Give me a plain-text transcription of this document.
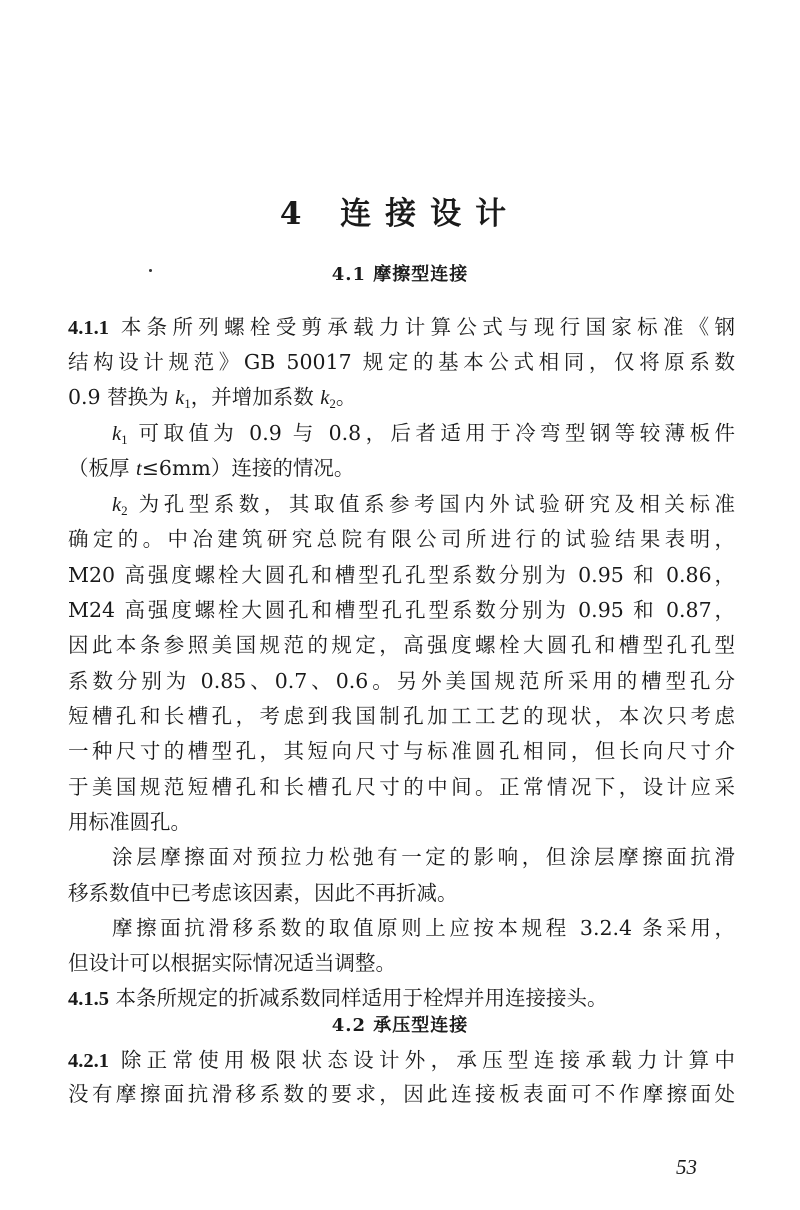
4 连接设计
4.1 摩擦型连接
4.2 承压型连接
4.1.1 本条所列螺栓受剪承载力计算公式与现行国家标准《钢
结构设计规范》GB 50017 规定的基本公式相同，仅将原系数
0.9 替换为 $k_1$，并增加系数 $k_2$。
$k_1$ 可取值为 0.9 与 0.8，后者适用于冷弯型钢等较薄板件
（板厚 t≤6mm）连接的情况。
$k_2$ 为孔型系数，其取值系参考国内外试验研究及相关标准
确定的。中冶建筑研究总院有限公司所进行的试验结果表明，
M20 高强度螺栓大圆孔和槽型孔孔型系数分别为 0.95 和 0.86，
M24 高强度螺栓大圆孔和槽型孔孔型系数分别为 0.95 和 0.87，
因此本条参照美国规范的规定，高强度螺栓大圆孔和槽型孔孔型
系数分别为 0.85、0.7、0.6。另外美国规范所采用的槽型孔分
短槽孔和长槽孔，考虑到我国制孔加工工艺的现状，本次只考虑
一种尺寸的槽型孔，其短向尺寸与标准圆孔相同，但长向尺寸介
于美国规范短槽孔和长槽孔尺寸的中间。正常情况下，设计应采
用标准圆孔。
涂层摩擦面对预拉力松弛有一定的影响，但涂层摩擦面抗滑
移系数值中已考虑该因素，因此不再折减。
摩擦面抗滑移系数的取值原则上应按本规程 3.2.4 条采用，
但设计可以根据实际情况适当调整。
4.1.5 本条所规定的折减系数同样适用于栓焊并用连接接头。
4.2.1 除正常使用极限状态设计外，承压型连接承载力计算中
没有摩擦面抗滑移系数的要求，因此连接板表面可不作摩擦面处
53
